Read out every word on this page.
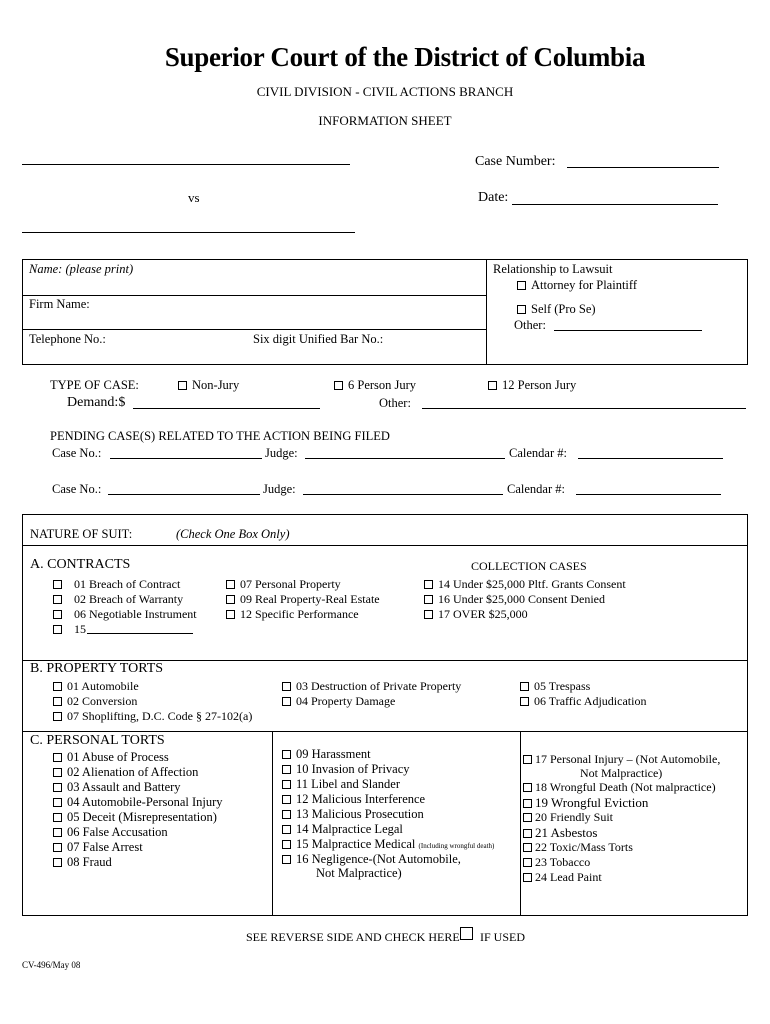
Superior Court of the District of Columbia
CIVIL DIVISION - CIVIL ACTIONS BRANCH
INFORMATION SHEET
Case Number:
vs	Date:
Name: (please print)
Firm Name:
Telephone No.:	Six digit Unified Bar No.:
Relationship to Lawsuit
Attorney for Plaintiff
Self (Pro Se)
Other:
TYPE OF CASE:	Non-Jury	6 Person Jury	12 Person Jury
Demand:$	Other:
PENDING CASE(S) RELATED TO THE ACTION BEING FILED
Case No.:	Judge:	Calendar #:
Case No.:	Judge:	Calendar #:
NATURE OF SUIT:	(Check One Box Only)
A. CONTRACTS	COLLECTION CASES
01 Breach of Contract
02 Breach of Warranty
06 Negotiable Instrument
15
07 Personal Property
09 Real Property-Real Estate
12 Specific Performance
14 Under $25,000 Pltf. Grants Consent
16 Under $25,000 Consent Denied
17 OVER $25,000
B. PROPERTY TORTS
01 Automobile
02 Conversion
07 Shoplifting, D.C. Code § 27-102(a)
03 Destruction of Private Property
04 Property Damage
05 Trespass
06 Traffic Adjudication
C. PERSONAL TORTS
01 Abuse of Process
02 Alienation of Affection
03 Assault and Battery
04 Automobile-Personal Injury
05 Deceit (Misrepresentation)
06 False Accusation
07 False Arrest
08 Fraud
09 Harassment
10 Invasion of Privacy
11 Libel and Slander
12 Malicious Interference
13 Malicious Prosecution
14 Malpractice Legal
15 Malpractice Medical (Including wrongful death)
16 Negligence-(Not Automobile,
Not Malpractice)
17 Personal Injury – (Not Automobile,
Not Malpractice)
18 Wrongful Death (Not malpractice)
19 Wrongful Eviction
20 Friendly Suit
21 Asbestos
22 Toxic/Mass Torts
23 Tobacco
24 Lead Paint
SEE REVERSE SIDE AND CHECK HERE IF USED
CV-496/May 08
